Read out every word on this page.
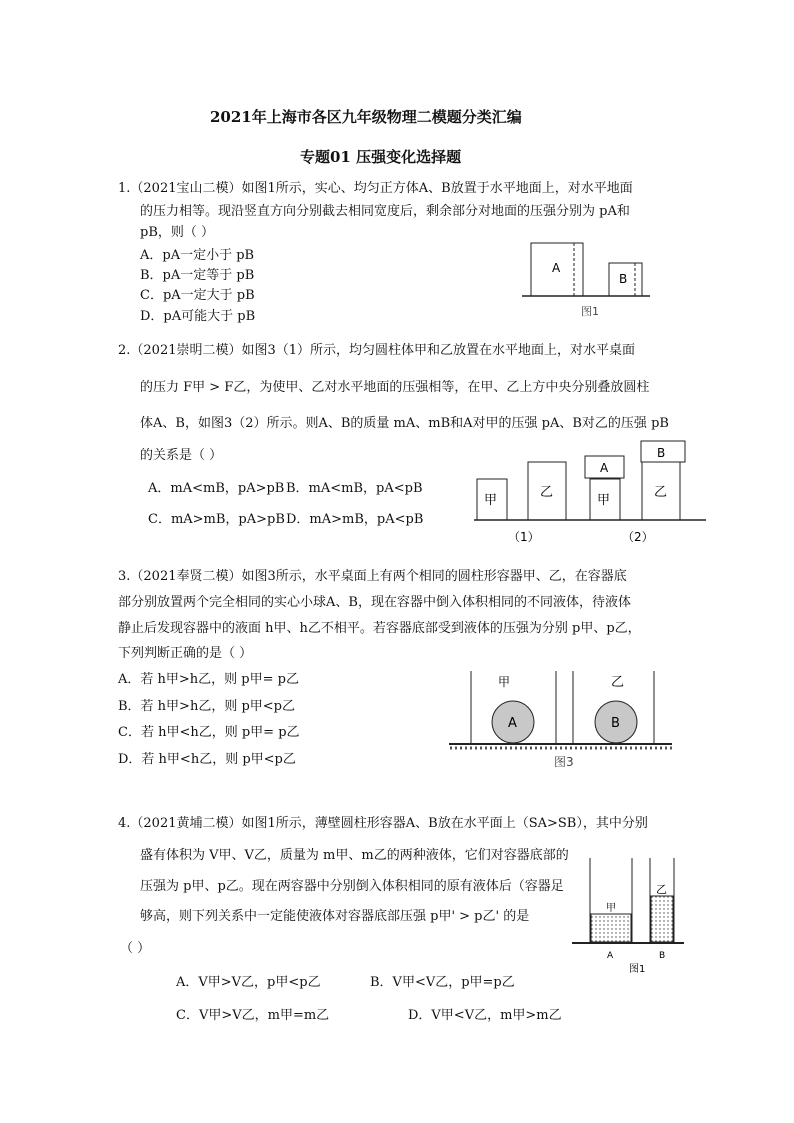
2021年上海市各区九年级物理二模题分类汇编
专题01 压强变化选择题
1.（2021宝山二模）如图1所示，实心、均匀正方体A、B放置于水平地面上，对水平地面
的压力相等。现沿竖直方向分别截去相同宽度后，剩余部分对地面的压强分别为 pA和
pB，则（ ）
A．pA一定小于 pB
B．pA一定等于 pB
C．pA一定大于 pB
D．pA可能大于 pB
A
B
图1
2.（2021崇明二模）如图3（1）所示，均匀圆柱体甲和乙放置在水平地面上，对水平桌面
的压力 F甲 > F乙，为使甲、乙对水平地面的压强相等，在甲、乙上方中央分别叠放圆柱
体A、B，如图3（2）所示。则A、B的质量 mA、mB和A对甲的压强 pA、B对乙的压强 pB
的关系是（ ）
A．mA<mB，pA>pB B．mA<mB，pA<pB
C．mA>mB，pA>pB D．mA>mB，pA<pB
甲
乙
甲
A
乙
B
（1）	（2）
3.（2021奉贤二模）如图3所示，水平桌面上有两个相同的圆柱形容器甲、乙，在容器底
部分别放置两个完全相同的实心小球A、B，现在容器中倒入体积相同的不同液体，待液体
静止后发现容器中的液面 h甲、h乙不相平。若容器底部受到液体的压强为分别 p甲、p乙，
下列判断正确的是（ ）
A．若 h甲>h乙，则 p甲= p乙
B．若 h甲>h乙，则 p甲<p乙
C．若 h甲<h乙，则 p甲= p乙
D．若 h甲<h乙，则 p甲<p乙
甲	乙
A	B
图3
4.（2021黄埔二模）如图1所示，薄壁圆柱形容器A、B放在水平面上（SA>SB），其中分别
盛有体积为 V甲、V乙，质量为 m甲、m乙的两种液体，它们对容器底部的
压强为 p甲、p乙。现在两容器中分别倒入体积相同的原有液体后（容器足
够高，则下列关系中一定能使液体对容器底部压强 p甲' > p乙' 的是
（ ）
A．V甲>V乙，p甲<p乙	B．V甲<V乙，p甲=p乙
C．V甲>V乙，m甲=m乙	D．V甲<V乙，m甲>m乙
甲
乙
A	B
图1
